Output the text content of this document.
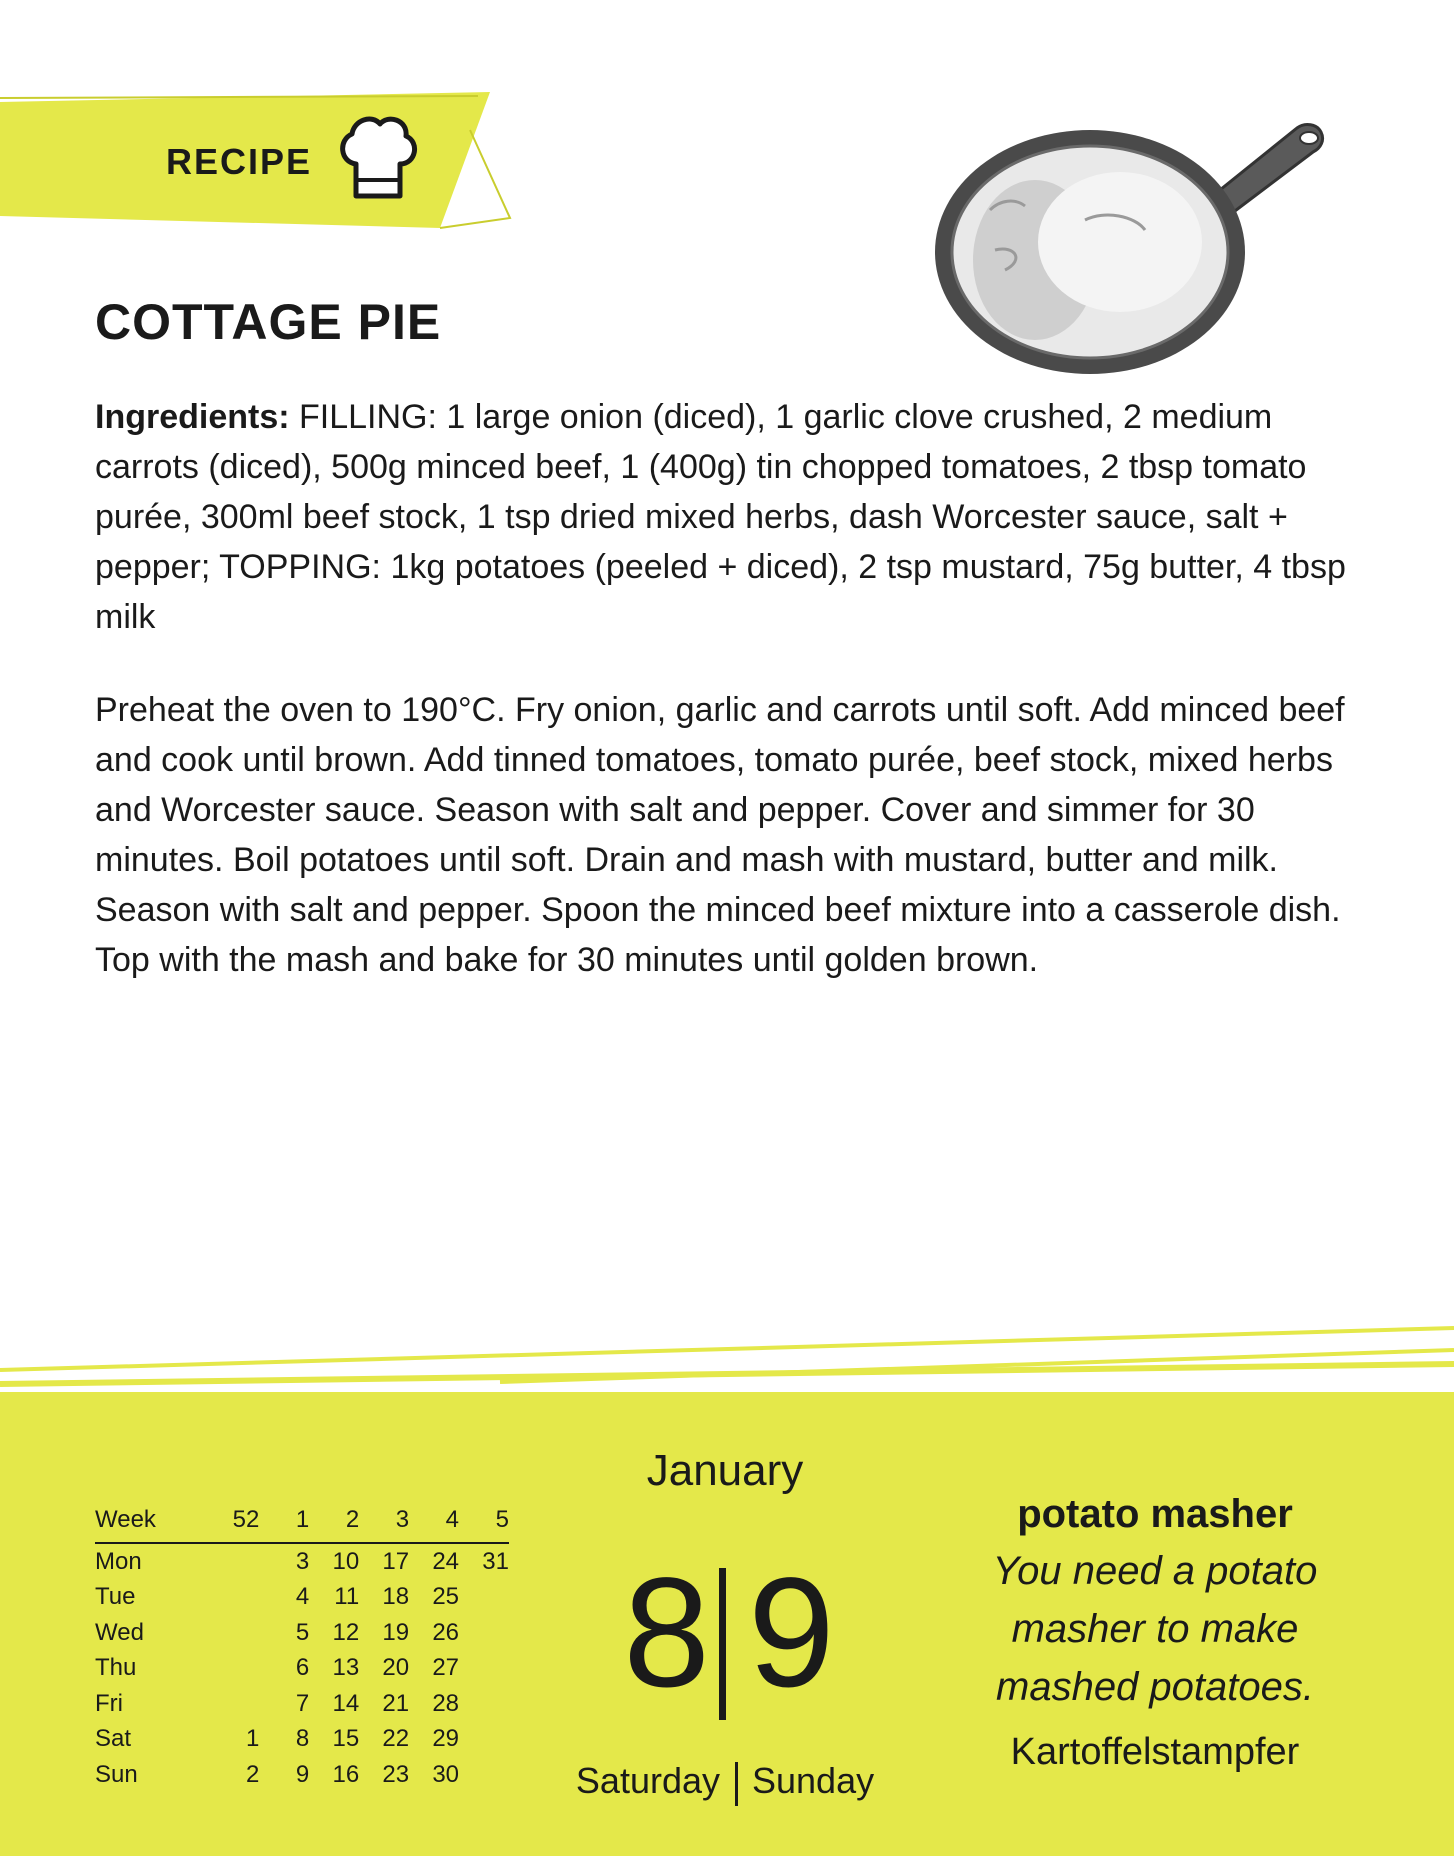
RECIPE
COTTAGE PIE

Ingredients: FILLING: 1 large onion (diced), 1 garlic clove crushed, 2 medium carrots (diced), 500g minced beef, 1 (400g) tin chopped tomatoes, 2 tbsp tomato purée, 300ml beef stock, 1 tsp dried mixed herbs, dash Worcester sauce, salt + pepper; TOPPING: 1kg potatoes (peeled + diced), 2 tsp mustard, 75g butter, 4 tbsp milk

Preheat the oven to 190°C. Fry onion, garlic and carrots until soft. Add minced beef and cook until brown. Add tinned tomatoes, tomato purée, beef stock, mixed herbs and Worcester sauce. Season with salt and pepper. Cover and simmer for 30 minutes. Boil potatoes until soft. Drain and mash with mustard, butter and milk. Season with salt and pepper. Spoon the minced beef mixture into a casserole dish. Top with the mash and bake for 30 minutes until golden brown.

Week	52	1	2	3	4	5
Mon		3	10	17	24	31
Tue		4	11	18	25	
Wed		5	12	19	26	
Thu		6	13	20	27	
Fri		7	14	21	28	
Sat	1	8	15	22	29	
Sun	2	9	16	23	30	
January
8 9
Saturday Sunday

potato masher

You need a potato masher to make mashed potatoes.

Kartoffelstampfer
